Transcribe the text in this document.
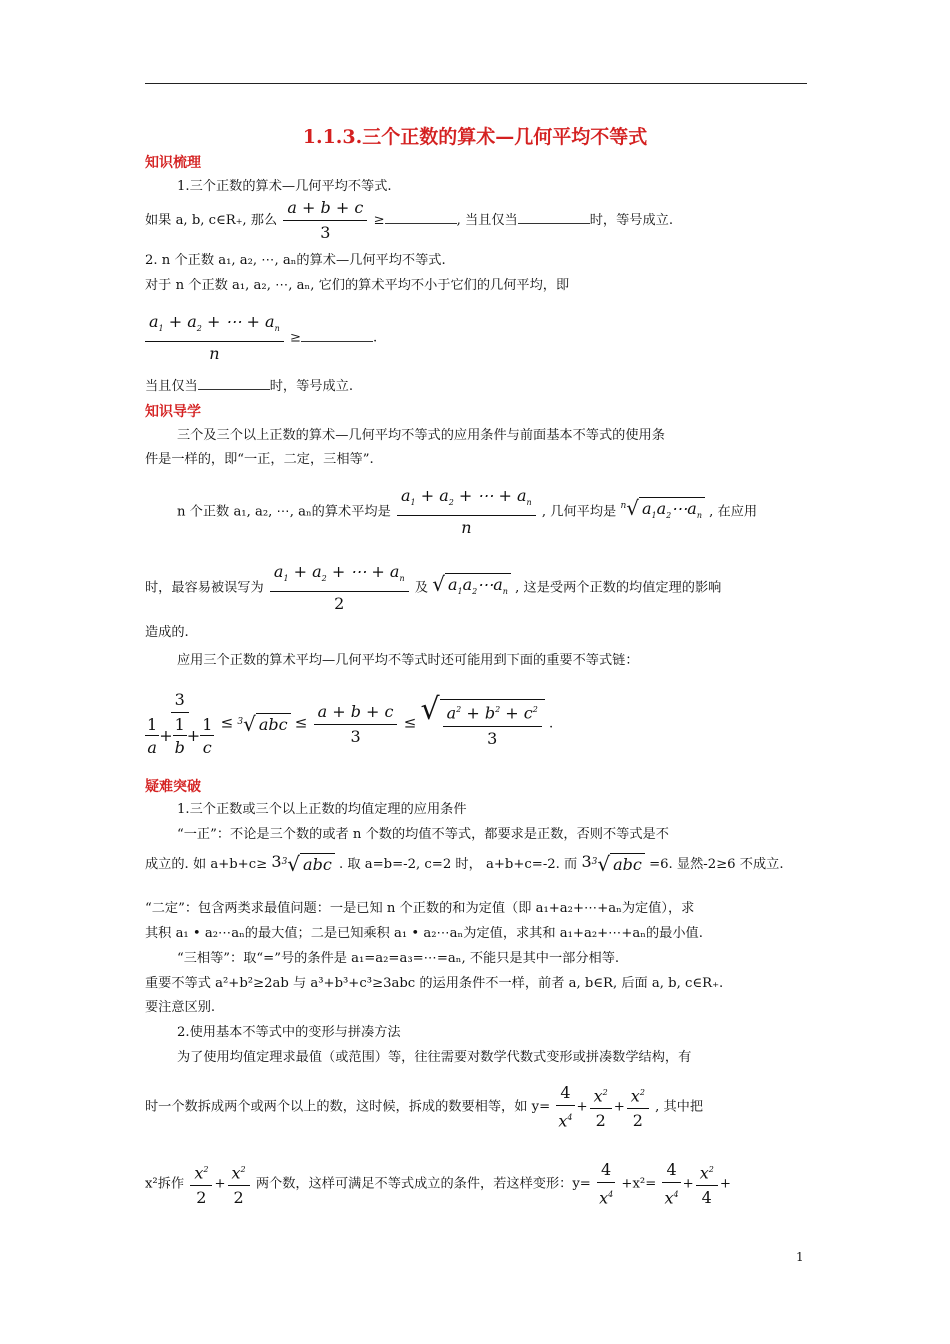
1.1.3.三个正数的算术—几何平均不等式
知识梳理
1.三个正数的算术—几何平均不等式.
如果 a, b, c∈R+, 那么 $\frac{a + b + c}{3}$ ≥	, 当且仅当	时，等号成立.
2. n 个正数 a₁, a₂, ⋯, aₙ的算术—几何平均不等式.
对于 n 个正数 a₁, a₂, ⋯, aₙ, 它们的算术平均不小于它们的几何平均，即
$\frac{a_1 + a_2 + \cdots + a_n}{n}$ ≥	.
当且仅当	时，等号成立.
知识导学
三个及三个以上正数的算术—几何平均不等式的应用条件与前面基本不等式的使用条
件是一样的，即“一正，二定，三相等”.
n 个正数 a₁, a₂, ⋯, aₙ的算术平均是 $\frac{a_1 + a_2 + \cdots + a_n}{n}$ , 几何平均是 n √ $a_1a_2\cdots a_n$ , 在应用
时，最容易被误写为 $\frac{a_1 + a_2 + \cdots + a_n}{2}$ 及 √ $a_1a_2\cdots a_n$ , 这是受两个正数的均值定理的影响
造成的.
应用三个正数的算术平均—几何平均不等式时还可能用到下面的重要不等式链：
$\frac{3}{\frac{1}{a} + \frac{1}{b} + \frac{1}{c}} \le 3$ √ abc ≤ $\frac{a + b + c}{3}$ ≤ √ $\frac{a^2 + b^2 + c^2}{3}$ .
疑难突破
1.三个正数或三个以上正数的均值定理的应用条件
“一正”：不论是三个数的或者 n 个数的均值不等式，都要求是正数，否则不等式是不
成立的. 如 a+b+c≥ 3 3 √ abc . 取 a=b=-2, c=2 时， a+b+c=-2. 而 3 3 √ abc =6. 显然-2≥6 不成立.
“二定”：包含两类求最值问题：一是已知 n 个正数的和为定值（即 a₁+a₂+⋯+aₙ为定值），求
其积 a₁ • a₂⋯aₙ的最大值；二是已知乘积 a₁ • a₂⋯aₙ为定值，求其和 a₁+a₂+⋯+aₙ的最小值.
“三相等”：取“=”号的条件是 a₁=a₂=a₃=⋯=aₙ, 不能只是其中一部分相等.
重要不等式 a²+b²≥2ab 与 a³+b³+c³≥3abc 的运用条件不一样，前者 a, b∈R, 后面 a, b, c∈R₊.
要注意区别.
2.使用基本不等式中的变形与拼凑方法
为了使用均值定理求最值（或范围）等，往往需要对数学代数式变形或拼凑数学结构，有
时一个数拆成两个或两个以上的数，这时候，拆成的数要相等，如 $y= \frac{4}{x^4} + \frac{x^2}{2} + \frac{x^2}{2}$ , 其中把
x²拆作 $\frac{x^2}{2} + \frac{x^2}{2}$ 两个数，这样可满足不等式成立的条件，若这样变形：$y= \frac{4}{x^4} +x^2= \frac{4}{x^4} + \frac{x^2}{4}$ +
1
